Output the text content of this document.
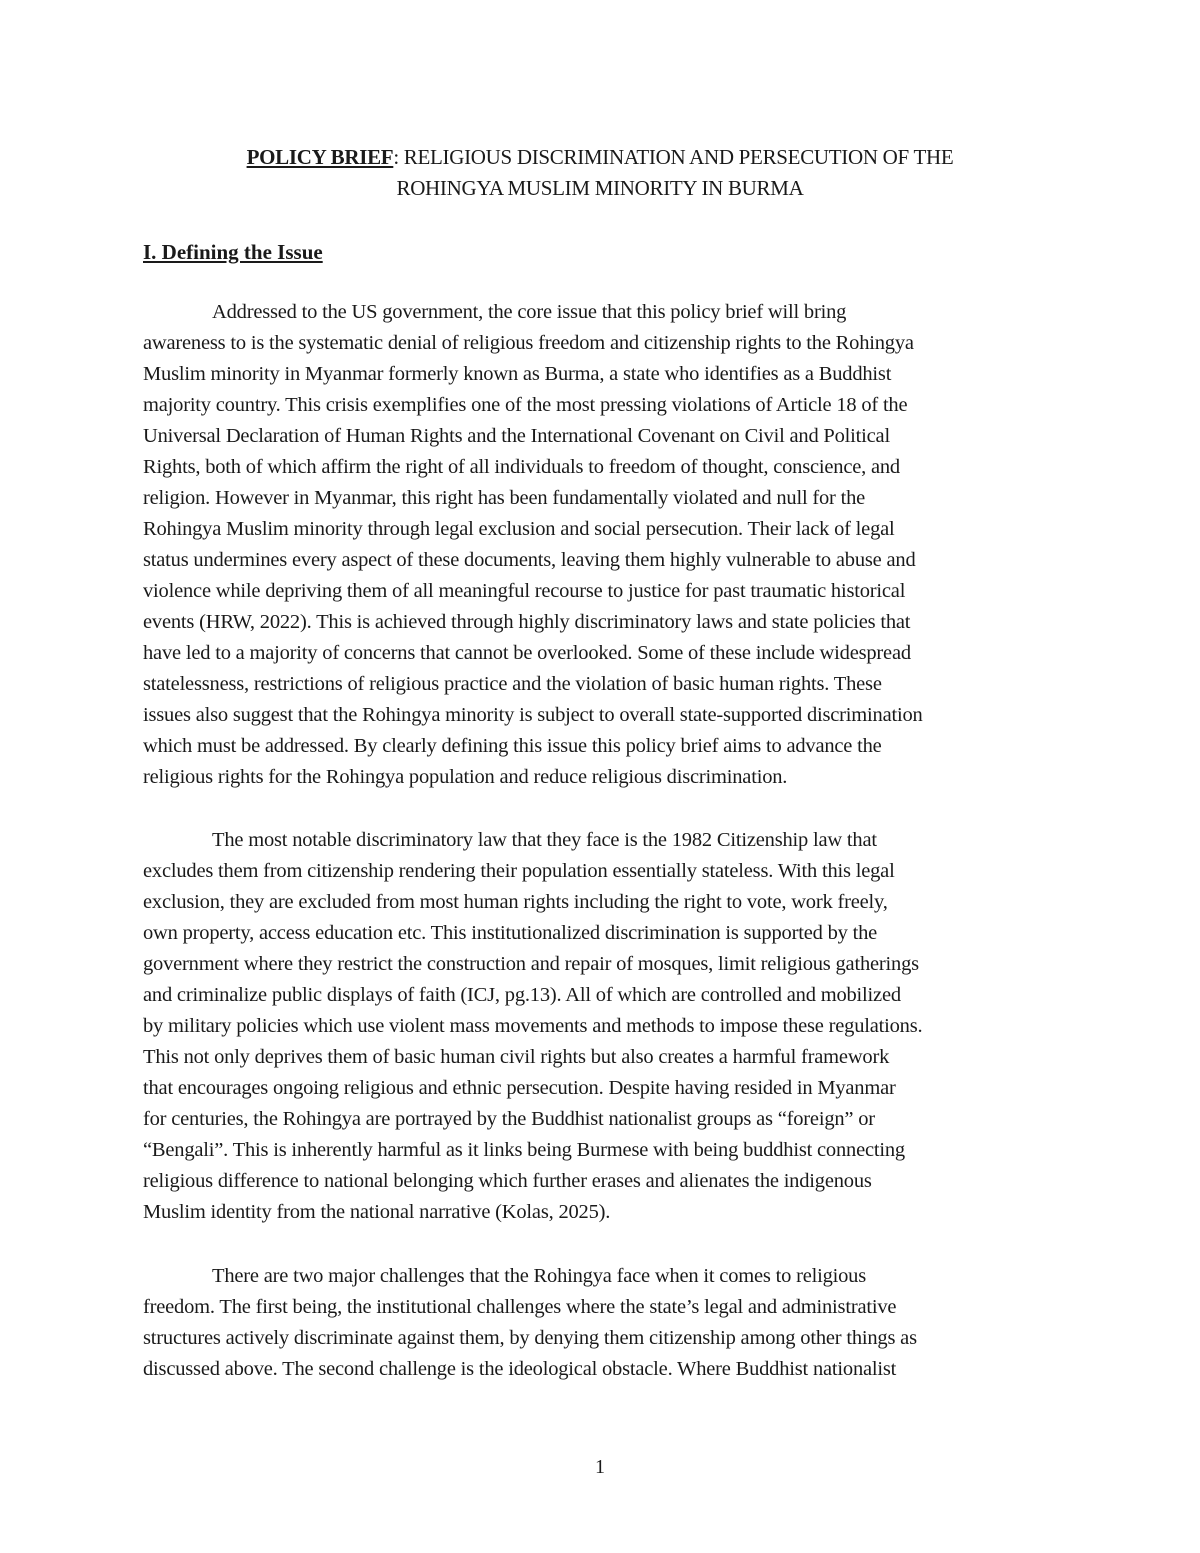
POLICY BRIEF: RELIGIOUS DISCRIMINATION AND PERSECUTION OF THE
ROHINGYA MUSLIM MINORITY IN BURMA
I. Defining the Issue
Addressed to the US government, the core issue that this policy brief will bring
awareness to is the systematic denial of religious freedom and citizenship rights to the Rohingya
Muslim minority in Myanmar formerly known as Burma, a state who identifies as a Buddhist
majority country. This crisis exemplifies one of the most pressing violations of Article 18 of the
Universal Declaration of Human Rights and the International Covenant on Civil and Political
Rights, both of which affirm the right of all individuals to freedom of thought, conscience, and
religion. However in Myanmar, this right has been fundamentally violated and null for the
Rohingya Muslim minority through legal exclusion and social persecution. Their lack of legal
status undermines every aspect of these documents, leaving them highly vulnerable to abuse and
violence while depriving them of all meaningful recourse to justice for past traumatic historical
events (HRW, 2022). This is achieved through highly discriminatory laws and state policies that
have led to a majority of concerns that cannot be overlooked. Some of these include widespread
statelessness, restrictions of religious practice and the violation of basic human rights. These
issues also suggest that the Rohingya minority is subject to overall state-supported discrimination
which must be addressed. By clearly defining this issue this policy brief aims to advance the
religious rights for the Rohingya population and reduce religious discrimination.
The most notable discriminatory law that they face is the 1982 Citizenship law that
excludes them from citizenship rendering their population essentially stateless. With this legal
exclusion, they are excluded from most human rights including the right to vote, work freely,
own property, access education etc. This institutionalized discrimination is supported by the
government where they restrict the construction and repair of mosques, limit religious gatherings
and criminalize public displays of faith (ICJ, pg.13). All of which are controlled and mobilized
by military policies which use violent mass movements and methods to impose these regulations.
This not only deprives them of basic human civil rights but also creates a harmful framework
that encourages ongoing religious and ethnic persecution. Despite having resided in Myanmar
for centuries, the Rohingya are portrayed by the Buddhist nationalist groups as “foreign” or
“Bengali”. This is inherently harmful as it links being Burmese with being buddhist connecting
religious difference to national belonging which further erases and alienates the indigenous
Muslim identity from the national narrative (Kolas, 2025).
There are two major challenges that the Rohingya face when it comes to religious
freedom. The first being, the institutional challenges where the state’s legal and administrative
structures actively discriminate against them, by denying them citizenship among other things as
discussed above. The second challenge is the ideological obstacle. Where Buddhist nationalist
1
